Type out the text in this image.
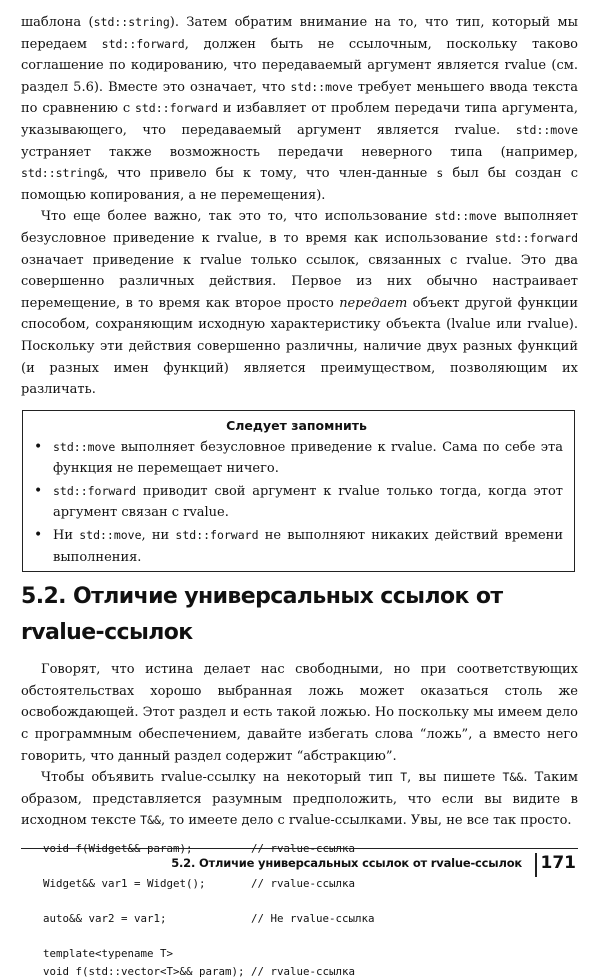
шаблона (std::string). Затем обратим внимание на то, что тип, который мы передаем std::forward, должен быть не ссылочным, поскольку таково соглашение по кодированию, что передаваемый аргумент является rvalue (см. раздел 5.6). Вместе это означает, что std::move требует меньшего ввода текста по сравнению с std::forward и избавляет от проблем передачи типа аргумента, указывающего, что передаваемый аргумент является rvalue. std::move устраняет также возможность передачи неверного типа (например, std::string&, что привело бы к тому, что член-данные s был бы создан с помощью копирования, а не перемещения).

Что еще более важно, так это то, что использование std::move выполняет безусловное приведение к rvalue, в то время как использование std::forward означает приведение к rvalue только ссылок, связанных с rvalue. Это два совершенно различных действия. Первое из них обычно настраивает перемещение, в то время как второе просто передает объект другой функции способом, сохраняющим исходную характеристику объекта (lvalue или rvalue). Поскольку эти действия совершенно различны, наличие двух разных функций (и разных имен функций) является преимуществом, позволяющим их различать.

Следует запомнить
• std::move выполняет безусловное приведение к rvalue. Сама по себе эта функция не перемещает ничего.
• std::forward приводит свой аргумент к rvalue только тогда, когда этот аргумент связан с rvalue.
• Ни std::move, ни std::forward не выполняют никаких действий времени выполнения.
5.2. Отличие универсальных ссылок от rvalue-ссылок

Говорят, что истина делает нас свободными, но при соответствующих обстоятельствах хорошо выбранная ложь может оказаться столь же освобождающей. Этот раздел и есть такой ложью. Но поскольку мы имеем дело с программным обеспечением, давайте избегать слова “ложь”, а вместо него говорить, что данный раздел содержит “абстракцию”.

Чтобы объявить rvalue-ссылку на некоторый тип T, вы пишете T&&. Таким образом, представляется разумным предположить, что если вы видите в исходном тексте T&&, то имеете дело с rvalue-ссылками. Увы, не все так просто.

void f(Widget&& param);         // rvalue-ссылка
Widget&& var1 = Widget();       // rvalue-ссылка
auto&& var2 = var1;             // Не rvalue-ссылка
template<typename T>
void f(std::vector<T>&& param); // rvalue-ссылка
5.2. Отличие универсальных ссылок от rvalue-ссылок 171
